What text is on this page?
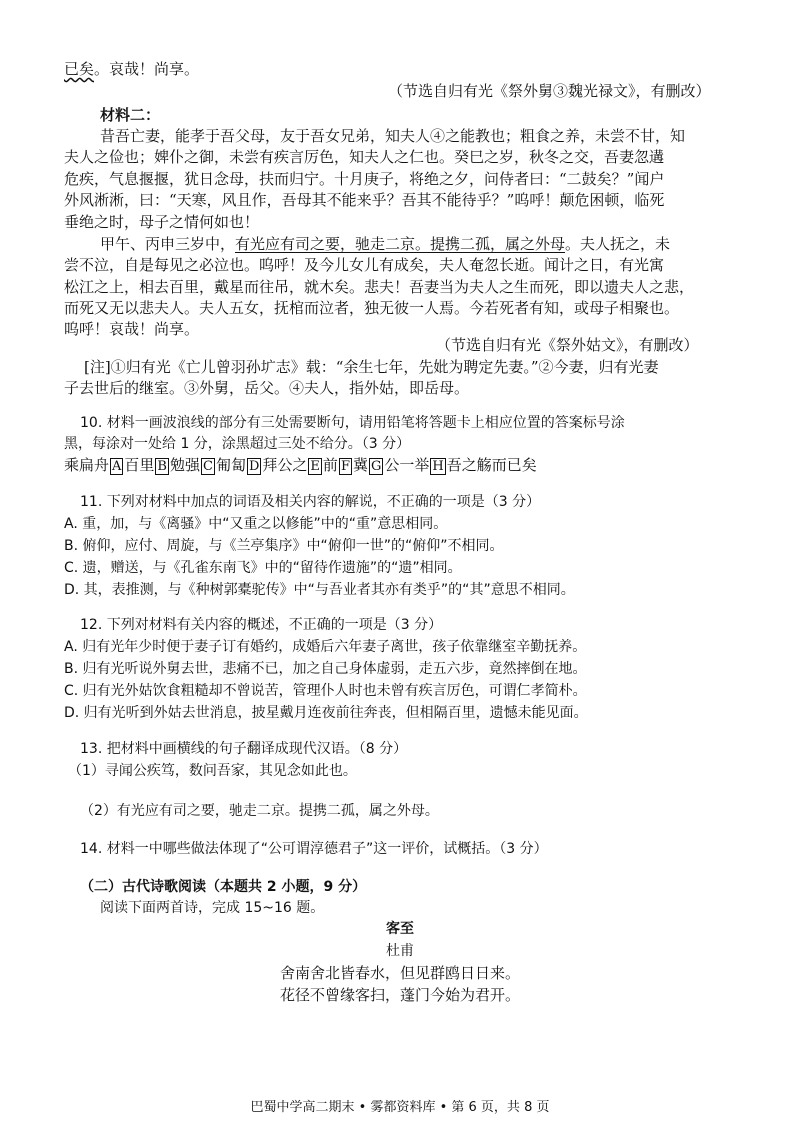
已矣。哀哉！尚享。
（节选自归有光《祭外舅③魏光禄文》，有删改）
材料二：
昔吾亡妻，能孝于吾父母，友于吾女兄弟，知夫人④之能教也；粗食之养，未尝不甘，知
夫人之俭也；婢仆之御，未尝有疾言厉色，知夫人之仁也。癸巳之岁，秋冬之交，吾妻忽遘
危疾，气息揠揠，犹日念母，扶而归宁。十月庚子，将绝之夕，问侍者曰：“二鼓矣？”闻户
外风淅淅，曰：“天寒，风且作，吾母其不能来乎？吾其不能待乎？”呜呼！颠危困顿，临死
垂绝之时，母子之情何如也！
甲午、丙申三岁中，有光应有司之要，驰走二京。提携二孤，属之外母。夫人抚之，未
尝不泣，自是每见之必泣也。呜呼！及今儿女儿有成矣，夫人奄忽长逝。闻计之日，有光寓
松江之上，相去百里，戴星而往吊，就木矣。悲夫！吾妻当为夫人之生而死，即以遗夫人之悲，
而死又无以悲夫人。夫人五女，抚棺而泣者，独无彼一人焉。今若死者有知，或母子相聚也。
呜呼！哀哉！尚享。
（节选自归有光《祭外姑文》，有删改）
[注]①归有光《亡儿曾羽孙圹志》载：“余生七年，先妣为聘定先妻。”②今妻，归有光妻
子去世后的继室。③外舅，岳父。④夫人，指外姑，即岳母。
10. 材料一画波浪线的部分有三处需要断句，请用铅笔将答题卡上相应位置的答案标号涂
黑，每涂对一处给 1 分，涂黑超过三处不给分。（3 分）
乘扁舟 A 百里 B 勉强 C 匍匐 D 拜公之 E 前 F 冀 G 公一举 H 吾之觞而已矣
11. 下列对材料中加点的词语及相关内容的解说，不正确的一项是（3 分）
A. 重，加，与《离骚》中“又重之以修能”中的“重”意思相同。
B. 俯仰，应付、周旋，与《兰亭集序》中“俯仰一世”的“俯仰”不相同。
C. 遗，赠送，与《孔雀东南飞》中的“留待作遗施”的“遗”相同。
D. 其，表推测，与《种树郭橐驼传》中“与吾业者其亦有类乎”的“其”意思不相同。
12. 下列对材料有关内容的概述，不正确的一项是（3 分）
A. 归有光年少时便于妻子订有婚约，成婚后六年妻子离世，孩子依靠继室辛勤抚养。
B. 归有光听说外舅去世，悲痛不已，加之自己身体虚弱，走五六步，竟然摔倒在地。
C. 归有光外姑饮食粗糙却不曾说苦，管理仆人时也未曾有疾言厉色，可谓仁孝简朴。
D. 归有光听到外姑去世消息，披星戴月连夜前往奔丧，但相隔百里，遗憾未能见面。
13. 把材料中画横线的句子翻译成现代汉语。（8 分）
（1）寻闻公疾笃，数问吾家，其见念如此也。
（2）有光应有司之要，驰走二京。提携二孤，属之外母。
14. 材料一中哪些做法体现了“公可谓淳德君子”这一评价，试概括。（3 分）
（二）古代诗歌阅读（本题共 2 小题，9 分）
阅读下面两首诗，完成 15~16 题。
客至
杜甫
舍南舍北皆春水，但见群鸥日日来。
花径不曾缘客扫，蓬门今始为君开。
巴蜀中学高二期末 • 雾都资料库 • 第 6 页，共 8 页
